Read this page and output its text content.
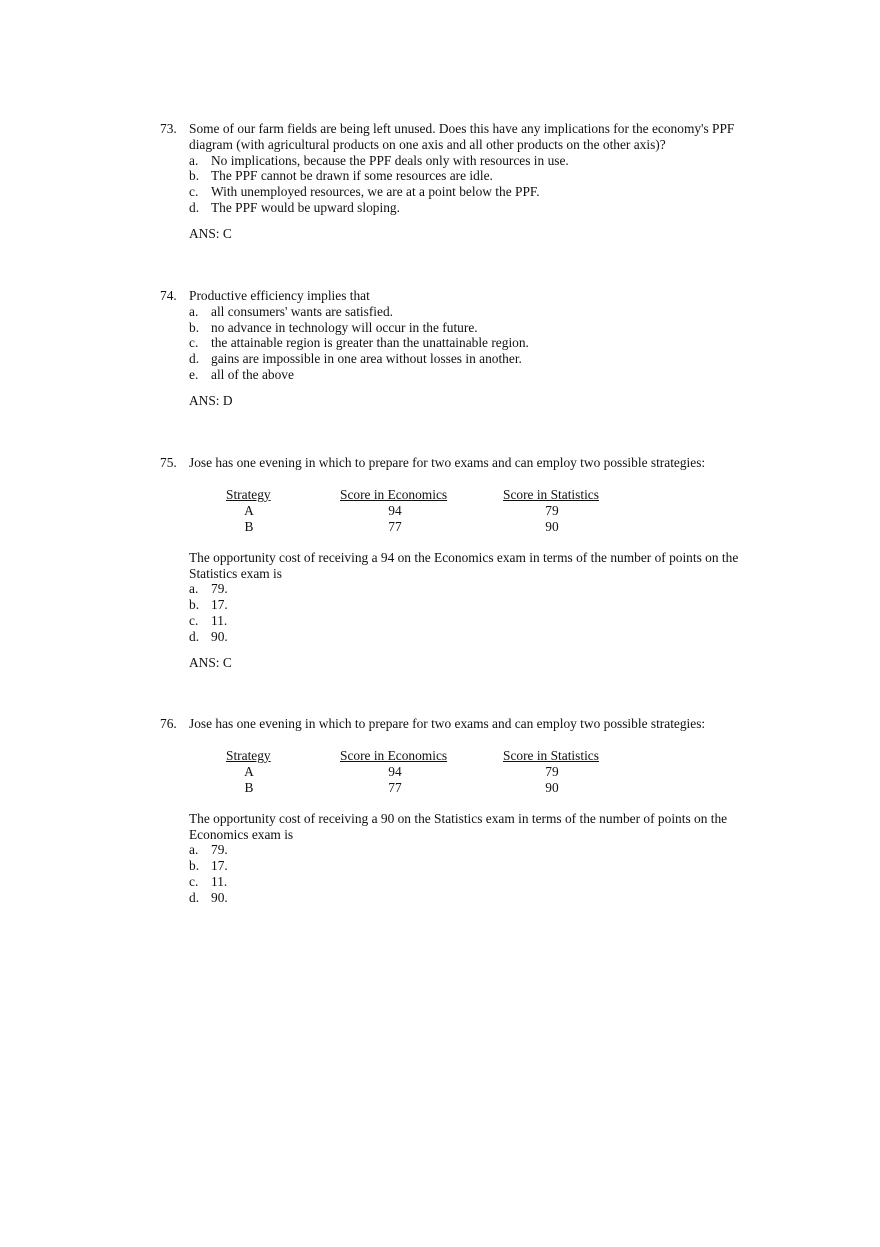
73. Some of our farm fields are being left unused. Does this have any implications for the economy's PPF diagram (with agricultural products on one axis and all other products on the other axis)?
a. No implications, because the PPF deals only with resources in use.
b. The PPF cannot be drawn if some resources are idle.
c. With unemployed resources, we are at a point below the PPF.
d. The PPF would be upward sloping.
ANS: C
74. Productive efficiency implies that
a. all consumers' wants are satisfied.
b. no advance in technology will occur in the future.
c. the attainable region is greater than the unattainable region.
d. gains are impossible in one area without losses in another.
e. all of the above
ANS: D
75. Jose has one evening in which to prepare for two exams and can employ two possible strategies:
Strategy	Score in Economics	Score in Statistics
A	94	79
B	77	90
The opportunity cost of receiving a 94 on the Economics exam in terms of the number of points on the Statistics exam is
a. 79.
b. 17.
c. 11.
d. 90.
ANS: C
76. Jose has one evening in which to prepare for two exams and can employ two possible strategies:
Strategy	Score in Economics	Score in Statistics
A	94	79
B	77	90
The opportunity cost of receiving a 90 on the Statistics exam in terms of the number of points on the Economics exam is
a. 79.
b. 17.
c. 11.
d. 90.
